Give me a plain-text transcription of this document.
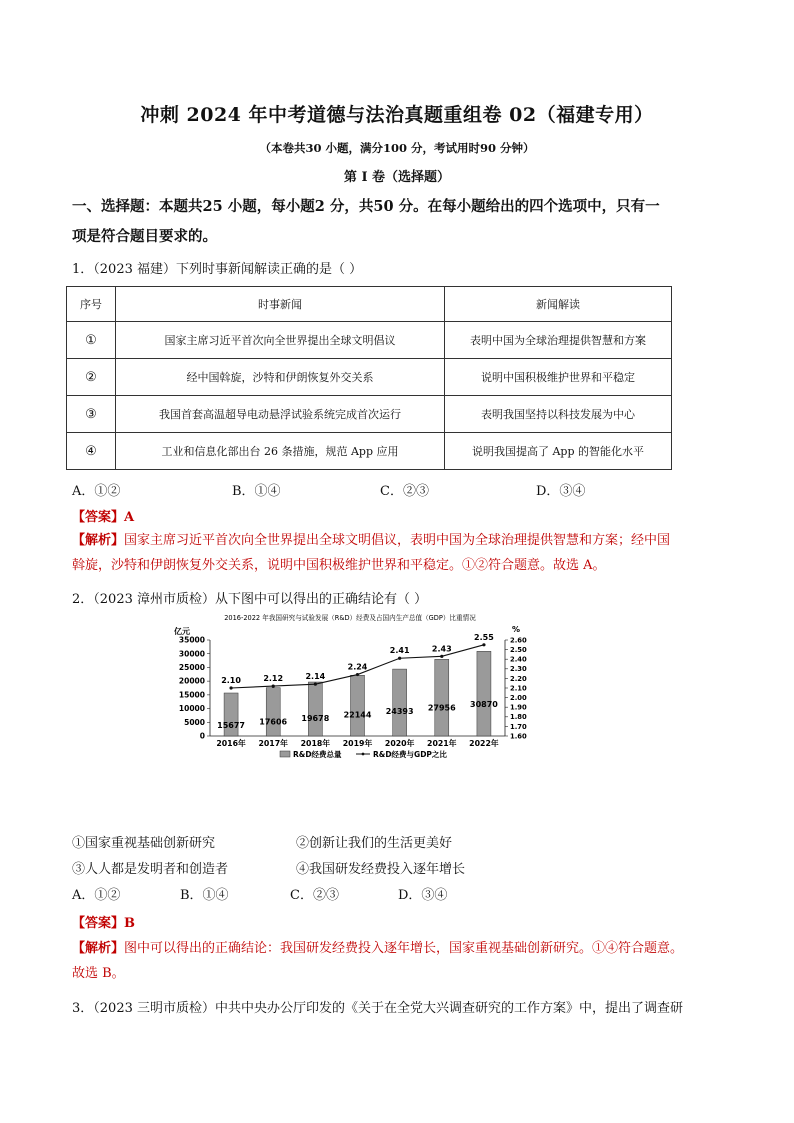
冲刺 2024 年中考道德与法治真题重组卷 02（福建专用）
（本卷共30 小题，满分100 分，考试用时90 分钟）
第 I 卷（选择题）
一、选择题：本题共25 小题，每小题2 分，共50 分。在每小题给出的四个选项中，只有一
项是符合题目要求的。
1．（2023 福建）下列时事新闻解读正确的是（ ）
序号	时事新闻	新闻解读
①	国家主席习近平首次向全世界提出全球文明倡议	表明中国为全球治理提供智慧和方案
②	经中国斡旋，沙特和伊朗恢复外交关系	说明中国积极维护世界和平稳定
③	我国首套高温超导电动悬浮试验系统完成首次运行	表明我国坚持以科技发展为中心
④	工业和信息化部出台 26 条措施，规范 App 应用	说明我国提高了 App 的智能化水平
A．①②	B．①④	C．②③	D．③④
【答案】A
【解析】国家主席习近平首次向全世界提出全球文明倡议，表明中国为全球治理提供智慧和方案；经中国
斡旋，沙特和伊朗恢复外交关系，说明中国积极维护世界和平稳定。①②符合题意。故选 A。
2．（2023 漳州市质检）从下图中可以得出的正确结论有（ ）
2016-2022 年我国研究与试验发展（R&D）经费及占国内生产总值（GDP）比重情况
亿元	%
0
5000
10000
15000
20000
25000
30000
35000
1.60
1.70
1.80
1.90
2.00
2.10
2.20
2.30
2.40
2.50
2.60
15677 17606 19678 22144 24393 27956 30870
2.10	2.12	2.14
2.24
2.41	2.43
2.55
2016年 2017年 2018年 2019年 2020年 2021年 2022年
R&D经费总量	R&D经费与GDP之比
①国家重视基础创新研究	②创新让我们的生活更美好
③人人都是发明者和创造者	④我国研发经费投入逐年增长
A．①②	B．①④	C．②③	D．③④
【答案】B
【解析】图中可以得出的正确结论：我国研发经费投入逐年增长，国家重视基础创新研究。①④符合题意。
故选 B。
3．（2023 三明市质检）中共中央办公厅印发的《关于在全党大兴调查研究的工作方案》中，提出了调查研
